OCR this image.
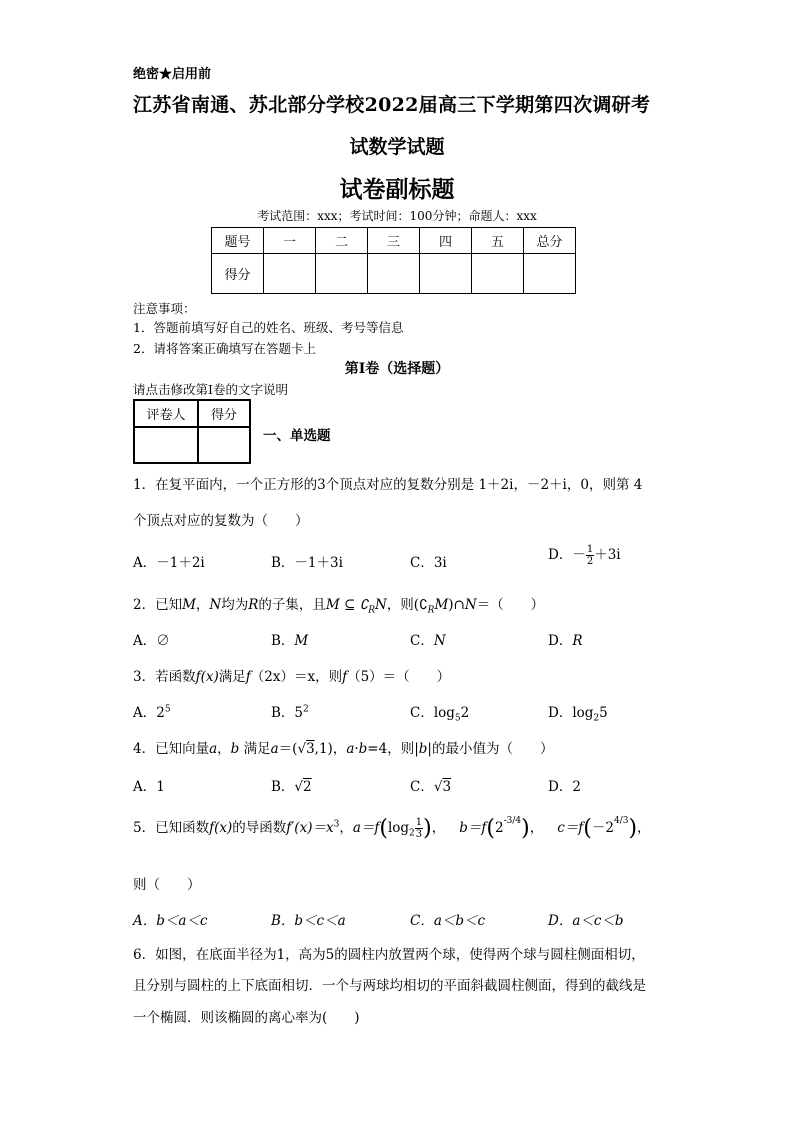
绝密★启用前
江苏省南通、苏北部分学校2022届高三下学期第四次调研考
试数学试题
试卷副标题
考试范围：xxx；考试时间：100分钟；命题人：xxx
题号	一	二	三	四	五	总分
得分						
注意事项：
1．答题前填写好自己的姓名、班级、考号等信息
2．请将答案正确填写在答题卡上
第I卷（选择题）
请点击修改第I卷的文字说明
评卷人	得分

一、单选题
1．在复平面内，一个正方形的3个顶点对应的复数分别是 1＋2i，－2＋i，0，则第 4
个顶点对应的复数为（　　）
A．－1＋2i	B．－1＋3i	C．3i	D．－ $\frac{1}{2} +3i$
2．已知M，N均为R的子集，且M ⊆ $∁_RN$，则$(∁_RM)\cap N=$（　　）
A．∅	B．M	C．N	D．R
3．若函数f(x)满足f（2x）＝x，则f（5）＝（　　）
A．$2^5$	B．$5^2$	C．$\log_52$	D．$\log_25$
4．已知向量a，b 满足a＝(√3,1)，a·b=4，则|b|的最小值为（　　）
A．1	B．√2	C．√3	D．2
5．已知函数f(x)的导函数$f'(x)=x^3$，$a=f(\log_2 \frac{1}{3}$ )， $b=f(2^{-3/4})$， $c=f(-2^{4/3})$，
则（　　）
A．b＜a＜c	B．b＜c＜a	C．a＜b＜c	D．a＜c＜b
6．如图，在底面半径为1，高为5的圆柱内放置两个球，使得两个球与圆柱侧面相切，
且分别与圆柱的上下底面相切．一个与两球均相切的平面斜截圆柱侧面，得到的截线是
一个椭圆．则该椭圆的离心率为(　　)
